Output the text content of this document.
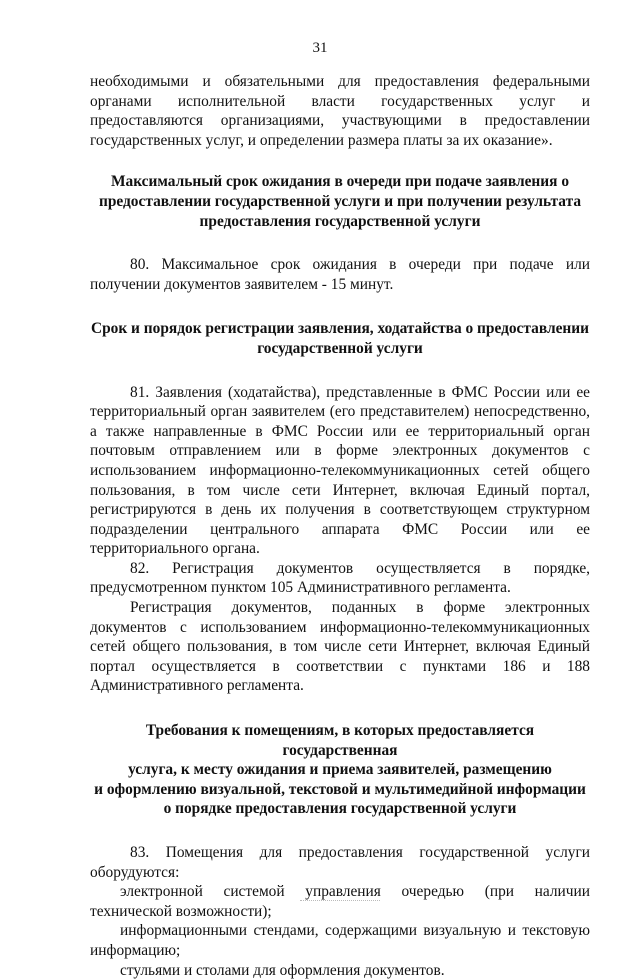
31

необходимыми и обязательными для предоставления федеральными органами исполнительной власти государственных услуг и предоставляются организациями, участвующими в предоставлении государственных услуг, и определении размера платы за их оказание».

Максимальный срок ожидания в очереди при подаче заявления о
предоставлении государственной услуги и при получении результата
предоставления государственной услуги

80. Максимальное срок ожидания в очереди при подаче или получении документов заявителем - 15 минут.

Срок и порядок регистрации заявления, ходатайства о предоставлении
государственной услуги

81. Заявления (ходатайства), представленные в ФМС России или ее территориальный орган заявителем (его представителем) непосредственно, а также направленные в ФМС России или ее территориальный орган почтовым отправлением или в форме электронных документов с использованием информационно-телекоммуникационных сетей общего пользования, в том числе сети Интернет, включая Единый портал, регистрируются в день их получения в соответствующем структурном подразделении центрального аппарата ФМС России или ее территориального органа.

82. Регистрация документов осуществляется в порядке, предусмотренном пунктом 105 Административного регламента.

Регистрация документов, поданных в форме электронных документов с использованием информационно-телекоммуникационных сетей общего пользования, в том числе сети Интернет, включая Единый портал осуществляется в соответствии с пунктами 186 и 188 Административного регламента.

Требования к помещениям, в которых предоставляется государственная
услуга, к месту ожидания и приема заявителей, размещению
и оформлению визуальной, текстовой и мультимедийной информации
о порядке предоставления государственной услуги

83. Помещения для предоставления государственной услуги оборудуются:

электронной системой управления очередью (при наличии технической возможности);

информационными стендами, содержащими визуальную и текстовую информацию;

стульями и столами для оформления документов.
